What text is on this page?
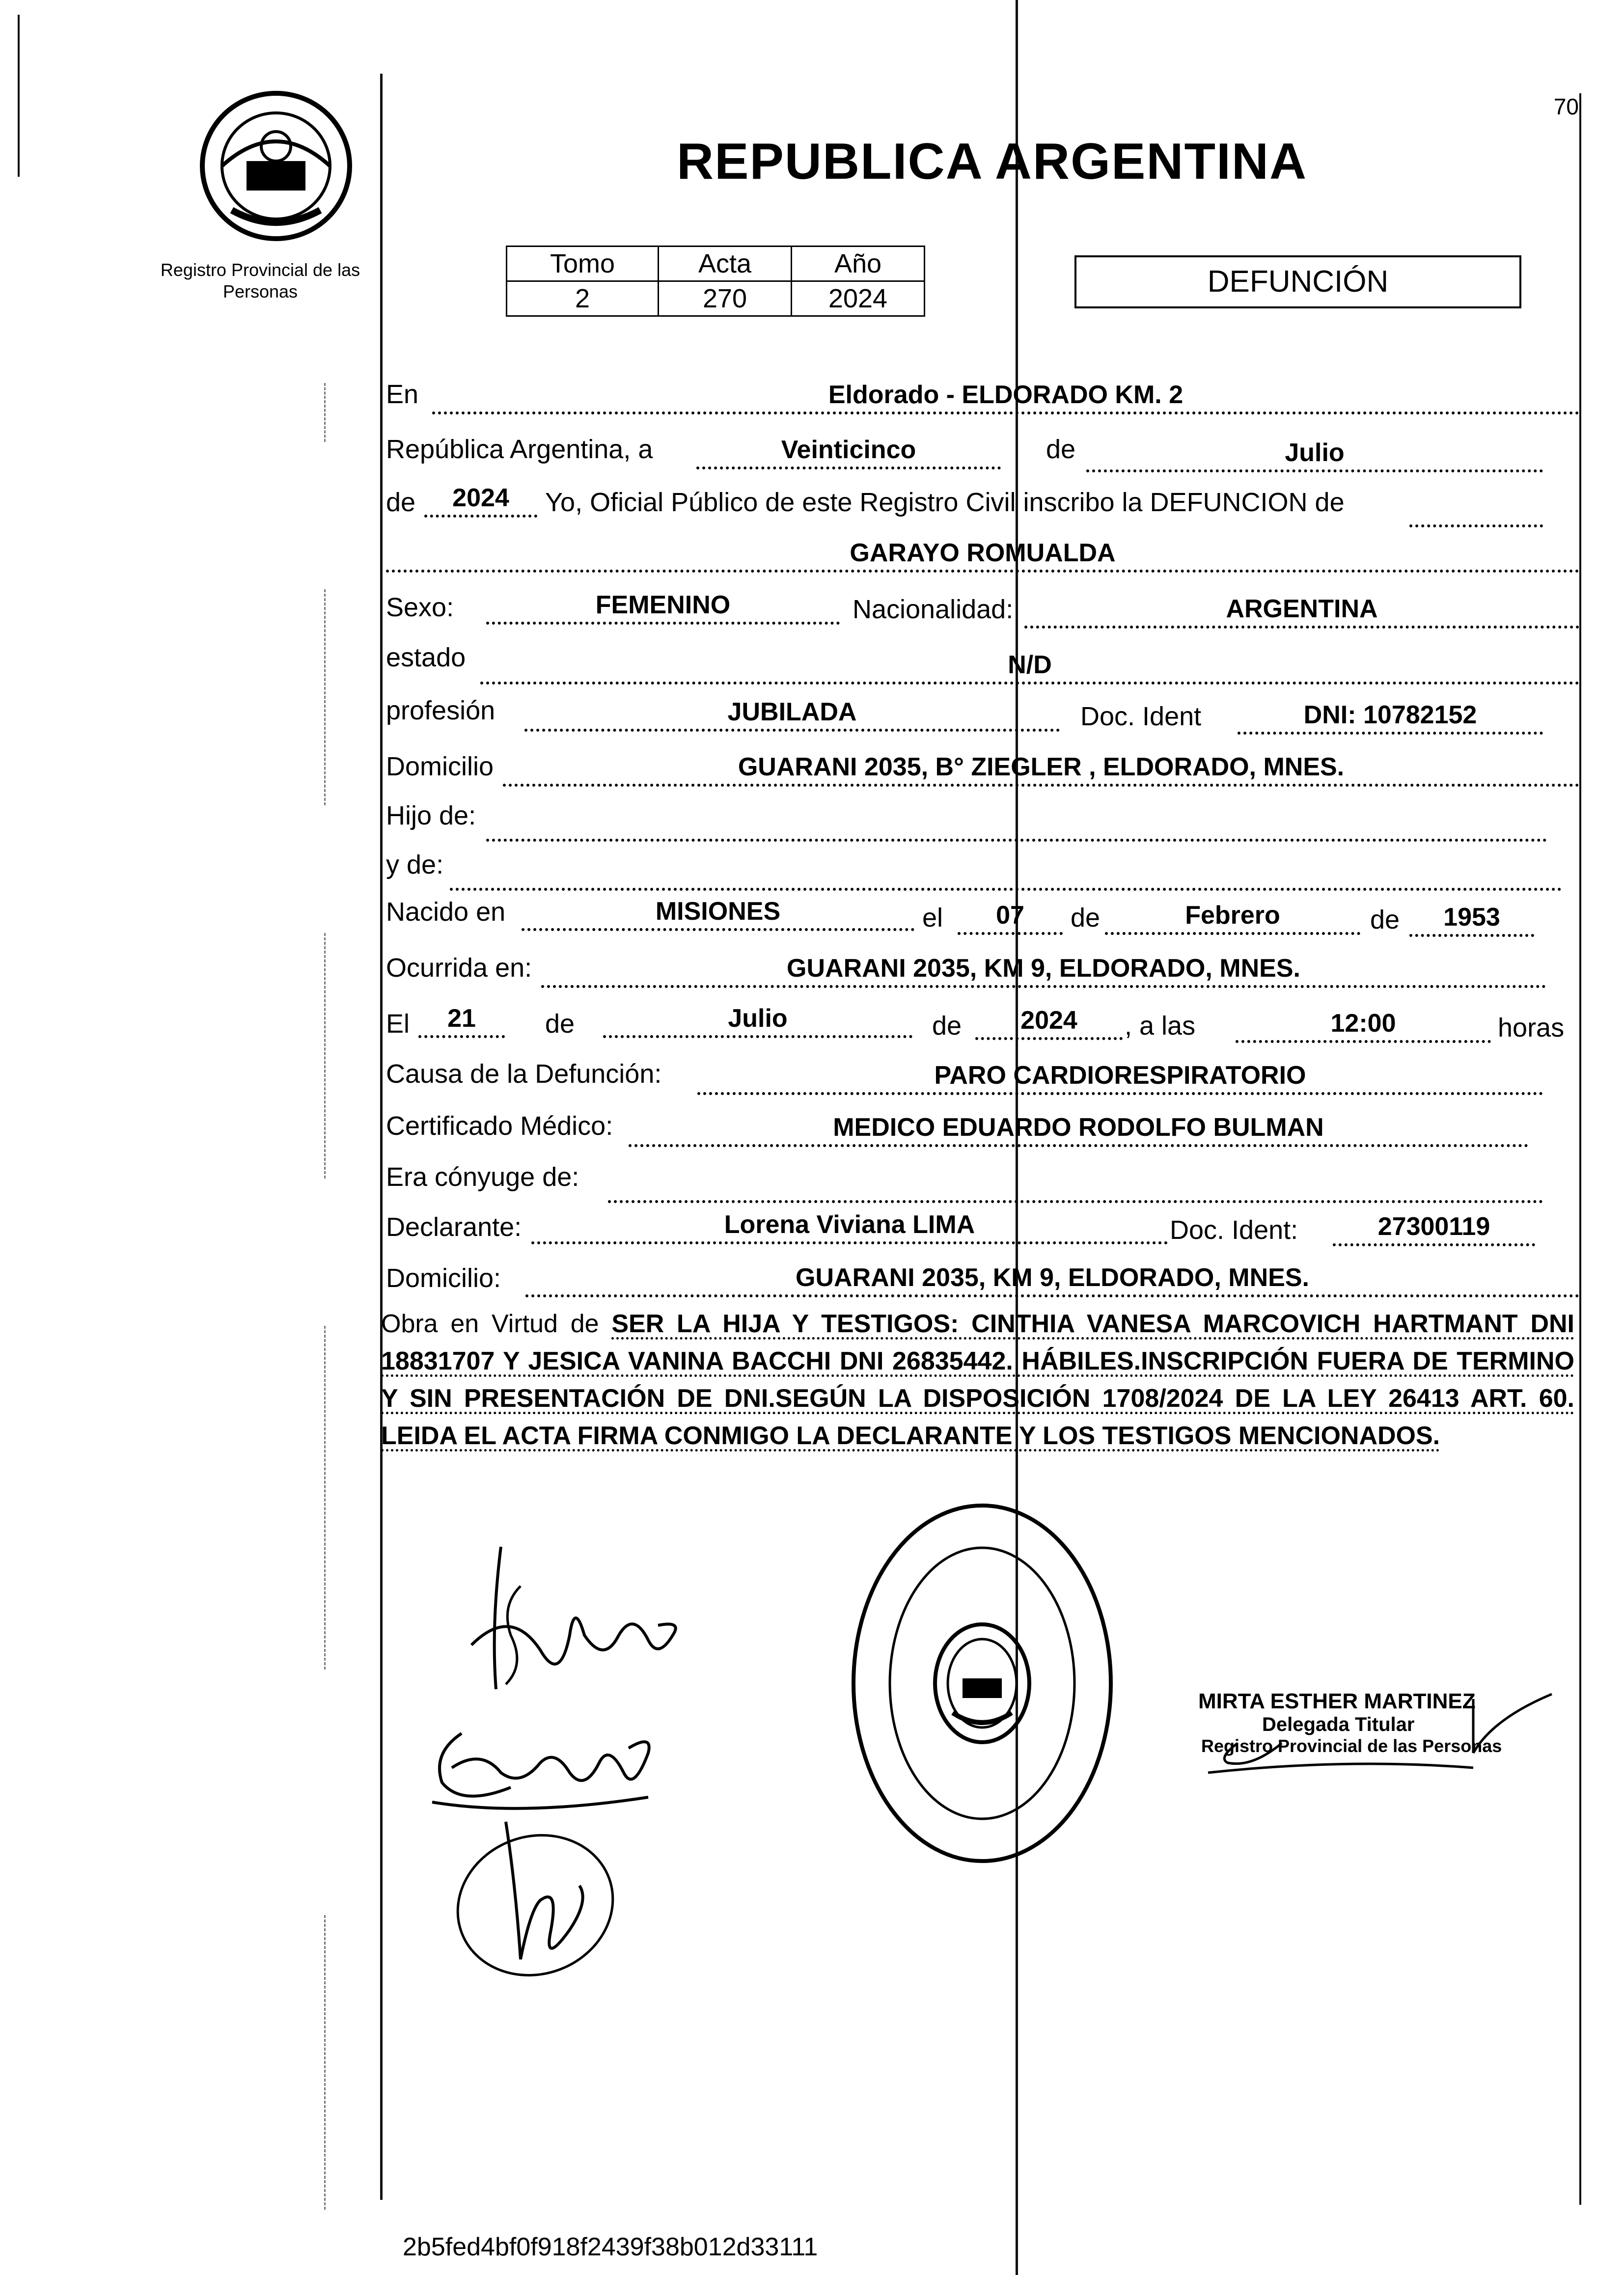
Registro Provincial de las Personas
70
REPUBLICA ARGENTINA
Tomo	Acta	Año
2	270	2024	DEFUNCIÓN
En	Eldorado - ELDORADO KM. 2
República Argentina, a	Veinticinco	de	Julio
de	2024	Yo, Oficial Público de este Registro Civil inscribo la DEFUNCION de
GARAYO ROMUALDA
Sexo:	FEMENINO	Nacionalidad:	ARGENTINA
estado	N/D
profesión	JUBILADA	Doc. Ident	DNI: 10782152
Domicilio	GUARANI 2035, B° ZIEGLER , ELDORADO, MNES.
Hijo de:
y de:
Nacido en	MISIONES	el	07	de	Febrero	de	1953
Ocurrida en:	GUARANI 2035, KM 9, ELDORADO, MNES.
El	21	de	Julio	de	2024	, a las	12:00	horas
Causa de la Defunción:	PARO CARDIORESPIRATORIO
Certificado Médico:	MEDICO EDUARDO RODOLFO BULMAN
Era cónyuge de:
Declarante:	Lorena Viviana LIMA	Doc. Ident:	27300119
Domicilio:	GUARANI 2035, KM 9, ELDORADO, MNES.
Obra en Virtud de SER LA HIJA Y TESTIGOS: CINTHIA VANESA MARCOVICH HARTMANT DNI 18831707 Y JESICA VANINA BACCHI DNI 26835442. HÁBILES.INSCRIPCIÓN FUERA DE TERMINO Y SIN PRESENTACIÓN DE DNI.SEGÚN LA DISPOSICIÓN 1708/2024 DE LA LEY 26413 ART. 60. LEIDA EL ACTA FIRMA CONMIGO LA DECLARANTE Y LOS TESTIGOS MENCIONADOS.
MIRTA ESTHER MARTINEZ
Delegada Titular
Registro Provincial de las Personas
2b5fed4bf0f918f2439f38b012d33111
